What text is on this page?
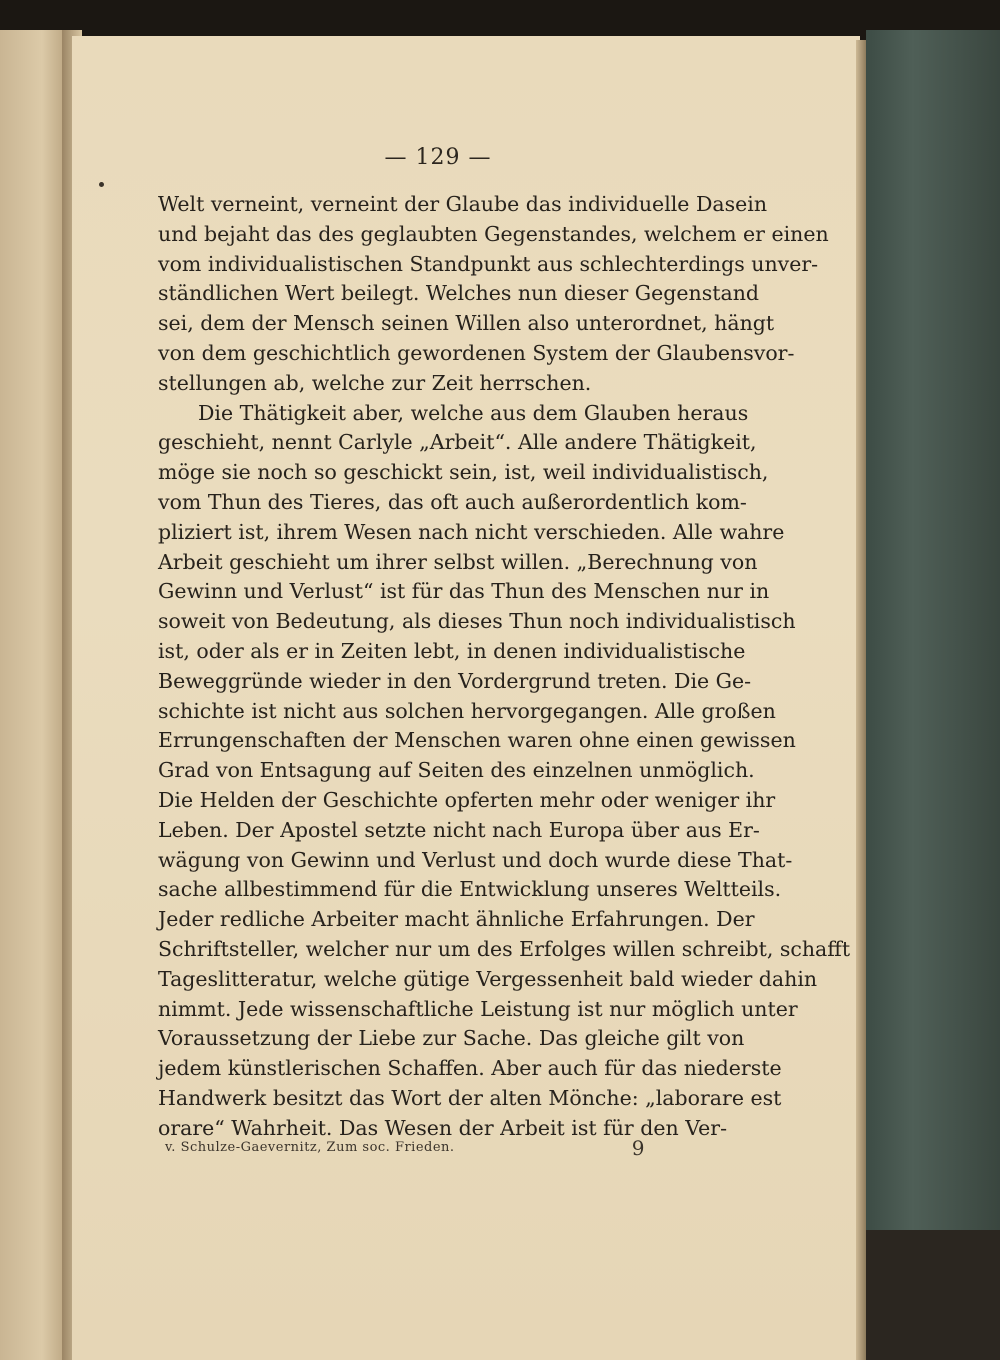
— 129 —
Welt verneint, verneint der Glaube das individuelle Dasein
und bejaht das des geglaubten Gegenstandes, welchem er einen
vom individualistischen Standpunkt aus schlechterdings unver-
ständlichen Wert beilegt. Welches nun dieser Gegenstand
sei, dem der Mensch seinen Willen also unterordnet, hängt
von dem geschichtlich gewordenen System der Glaubensvor-
stellungen ab, welche zur Zeit herrschen.
Die Thätigkeit aber, welche aus dem Glauben heraus
geschieht, nennt Carlyle „Arbeit“. Alle andere Thätigkeit,
möge sie noch so geschickt sein, ist, weil individualistisch,
vom Thun des Tieres, das oft auch außerordentlich kom-
pliziert ist, ihrem Wesen nach nicht verschieden. Alle wahre
Arbeit geschieht um ihrer selbst willen. „Berechnung von
Gewinn und Verlust“ ist für das Thun des Menschen nur in
soweit von Bedeutung, als dieses Thun noch individualistisch
ist, oder als er in Zeiten lebt, in denen individualistische
Beweggründe wieder in den Vordergrund treten. Die Ge-
schichte ist nicht aus solchen hervorgegangen. Alle großen
Errungenschaften der Menschen waren ohne einen gewissen
Grad von Entsagung auf Seiten des einzelnen unmöglich.
Die Helden der Geschichte opferten mehr oder weniger ihr
Leben. Der Apostel setzte nicht nach Europa über aus Er-
wägung von Gewinn und Verlust und doch wurde diese That-
sache allbestimmend für die Entwicklung unseres Weltteils.
Jeder redliche Arbeiter macht ähnliche Erfahrungen. Der
Schriftsteller, welcher nur um des Erfolges willen schreibt, schafft
Tageslitteratur, welche gütige Vergessenheit bald wieder dahin
nimmt. Jede wissenschaftliche Leistung ist nur möglich unter
Voraussetzung der Liebe zur Sache. Das gleiche gilt von
jedem künstlerischen Schaffen. Aber auch für das niederste
Handwerk besitzt das Wort der alten Mönche: „laborare est
orare“ Wahrheit. Das Wesen der Arbeit ist für den Ver-
v. Schulze-Gaevernitz, Zum soc. Frieden.	9
